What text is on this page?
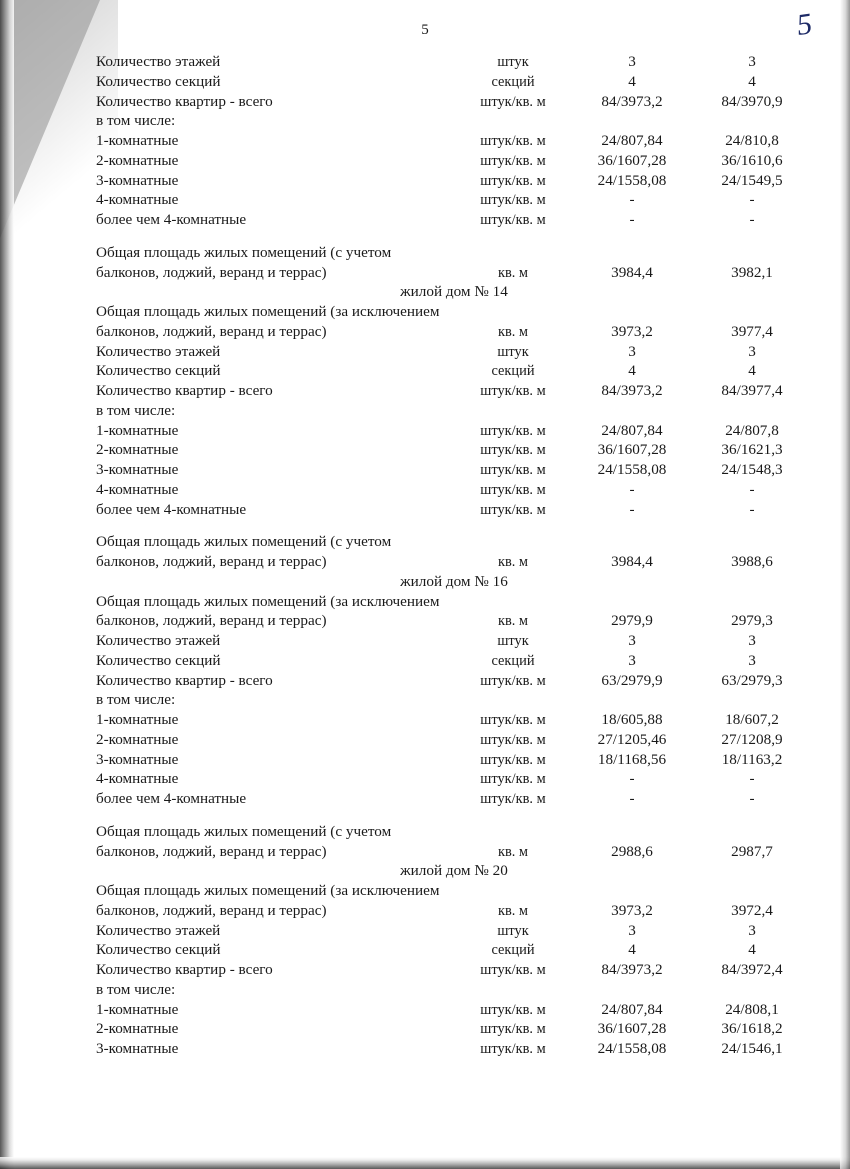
5	5
Количество этажей	штук	3	3
Количество секций	секций	4	4
Количество квартир - всего	штук/кв. м	84/3973,2	84/3970,9
в том числе:			
1-комнатные	штук/кв. м	24/807,84	24/810,8
2-комнатные	штук/кв. м	36/1607,28	36/1610,6
3-комнатные	штук/кв. м	24/1558,08	24/1549,5
4-комнатные	штук/кв. м	-	-
более чем 4-комнатные	штук/кв. м	-	-

Общая площадь жилых помещений (с учетом балконов, лоджий, веранд и террас)	кв. м	3984,4	3982,1
жилой дом № 14			
Общая площадь жилых помещений (за исключением балконов, лоджий, веранд и террас)	кв. м	3973,2	3977,4
Количество этажей	штук	3	3
Количество секций	секций	4	4
Количество квартир - всего	штук/кв. м	84/3973,2	84/3977,4
в том числе:			
1-комнатные	штук/кв. м	24/807,84	24/807,8
2-комнатные	штук/кв. м	36/1607,28	36/1621,3
3-комнатные	штук/кв. м	24/1558,08	24/1548,3
4-комнатные	штук/кв. м	-	-
более чем 4-комнатные	штук/кв. м	-	-

Общая площадь жилых помещений (с учетом балконов, лоджий, веранд и террас)	кв. м	3984,4	3988,6
жилой дом № 16			
Общая площадь жилых помещений (за исключением балконов, лоджий, веранд и террас)	кв. м	2979,9	2979,3
Количество этажей	штук	3	3
Количество секций	секций	3	3
Количество квартир - всего	штук/кв. м	63/2979,9	63/2979,3
в том числе:			
1-комнатные	штук/кв. м	18/605,88	18/607,2
2-комнатные	штук/кв. м	27/1205,46	27/1208,9
3-комнатные	штук/кв. м	18/1168,56	18/1163,2
4-комнатные	штук/кв. м	-	-
более чем 4-комнатные	штук/кв. м	-	-

Общая площадь жилых помещений (с учетом балконов, лоджий, веранд и террас)	кв. м	2988,6	2987,7
жилой дом № 20			
Общая площадь жилых помещений (за исключением балконов, лоджий, веранд и террас)	кв. м	3973,2	3972,4
Количество этажей	штук	3	3
Количество секций	секций	4	4
Количество квартир - всего	штук/кв. м	84/3973,2	84/3972,4
в том числе:			
1-комнатные	штук/кв. м	24/807,84	24/808,1
2-комнатные	штук/кв. м	36/1607,28	36/1618,2
3-комнатные	штук/кв. м	24/1558,08	24/1546,1
